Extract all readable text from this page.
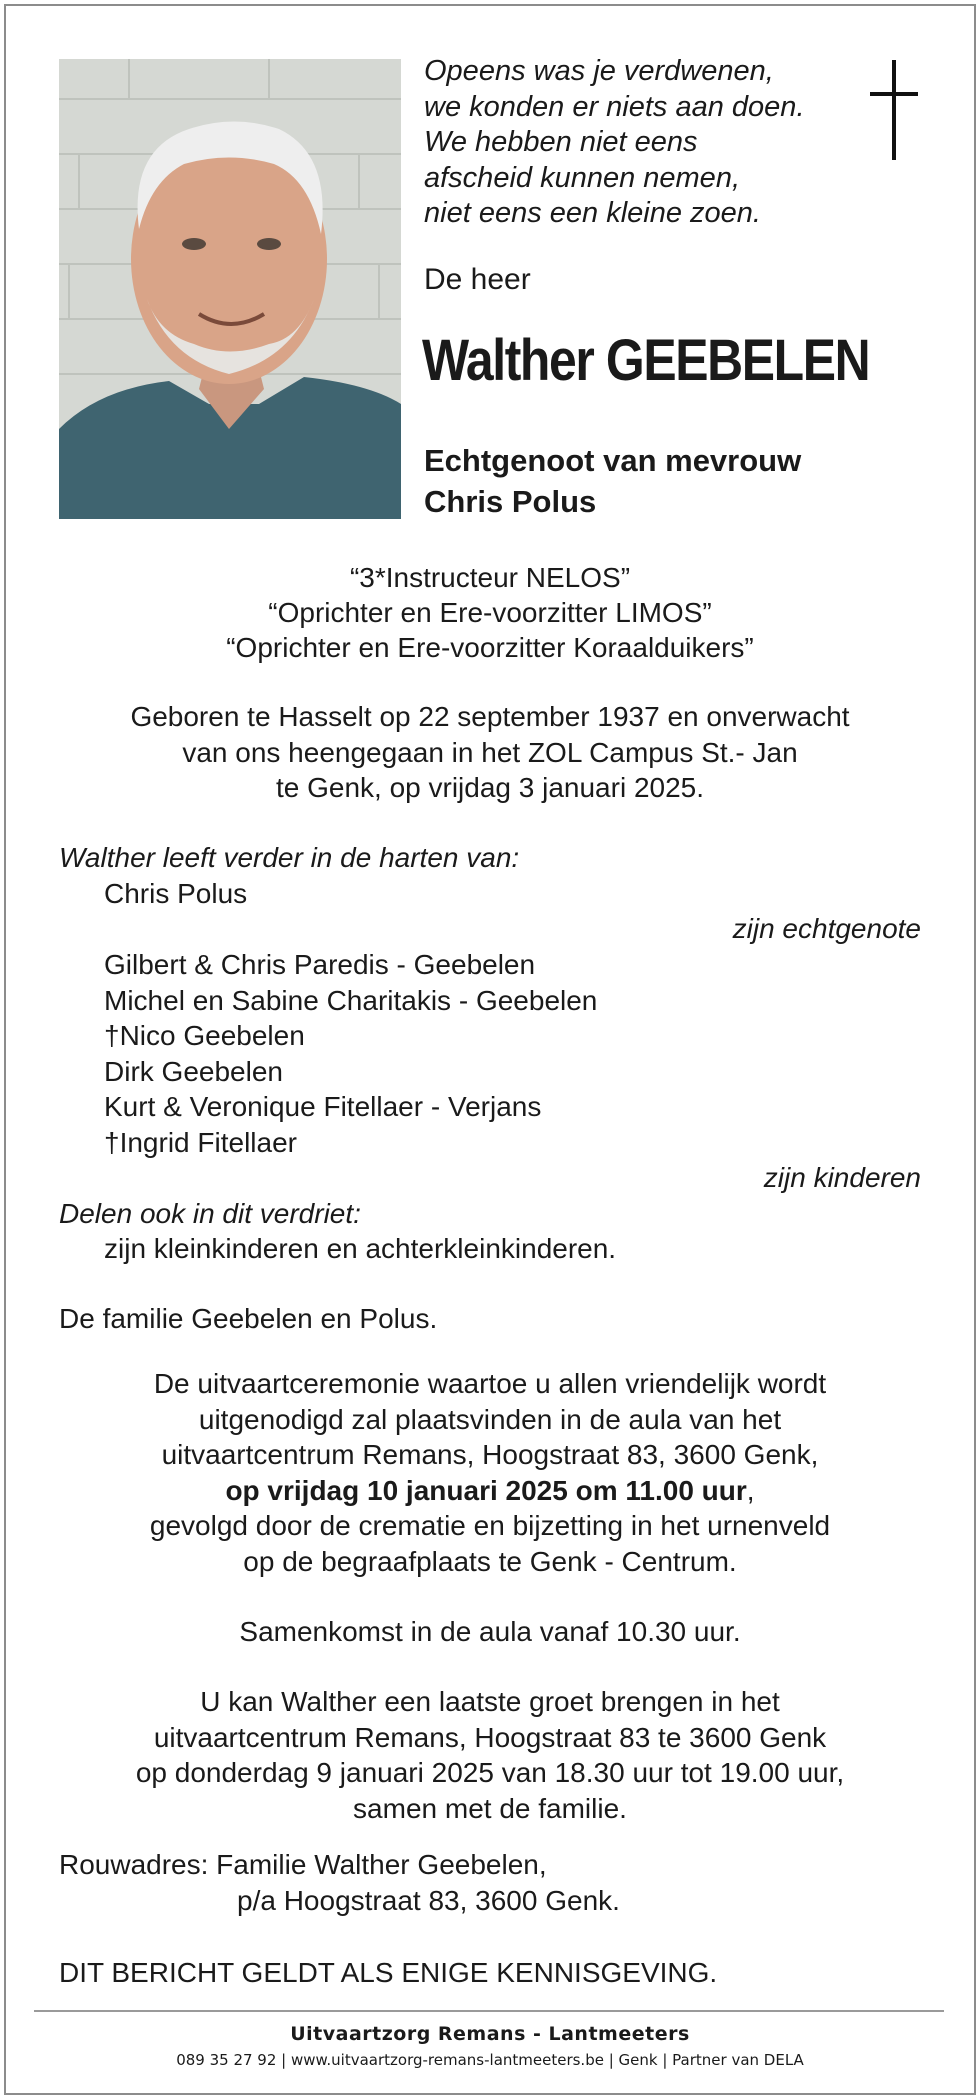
Opeens was je verdwenen,
we konden er niets aan doen.
We hebben niet eens
afscheid kunnen nemen,
niet eens een kleine zoen.
De heer
Walther GEEBELEN
Echtgenoot van mevrouw
Chris Polus
“3*Instructeur NELOS”
“Oprichter en Ere-voorzitter LIMOS”
“Oprichter en Ere-voorzitter Koraalduikers”
Geboren te Hasselt op 22 september 1937 en onverwacht
van ons heengegaan in het ZOL Campus St.- Jan
te Genk, op vrijdag 3 januari 2025.
Walther leeft verder in de harten van:
Chris Polus
zijn echtgenote
Gilbert & Chris Paredis - Geebelen
Michel en Sabine Charitakis - Geebelen
†Nico Geebelen
Dirk Geebelen
Kurt & Veronique Fitellaer - Verjans
†Ingrid Fitellaer
zijn kinderen
Delen ook in dit verdriet:
zijn kleinkinderen en achterkleinkinderen.
De familie Geebelen en Polus.
De uitvaartceremonie waartoe u allen vriendelijk wordt
uitgenodigd zal plaatsvinden in de aula van het
uitvaartcentrum Remans, Hoogstraat 83, 3600 Genk,
op vrijdag 10 januari 2025 om 11.00 uur,
gevolgd door de crematie en bijzetting in het urnenveld
op de begraafplaats te Genk - Centrum.
Samenkomst in de aula vanaf 10.30 uur.
U kan Walther een laatste groet brengen in het
uitvaartcentrum Remans, Hoogstraat 83 te 3600 Genk
op donderdag 9 januari 2025 van 18.30 uur tot 19.00 uur,
samen met de familie.
Rouwadres: Familie Walther Geebelen,
p/a Hoogstraat 83, 3600 Genk.
DIT BERICHT GELDT ALS ENIGE KENNISGEVING.
Uitvaartzorg Remans - Lantmeeters
089 35 27 92 | www.uitvaartzorg-remans-lantmeeters.be | Genk | Partner van DELA
